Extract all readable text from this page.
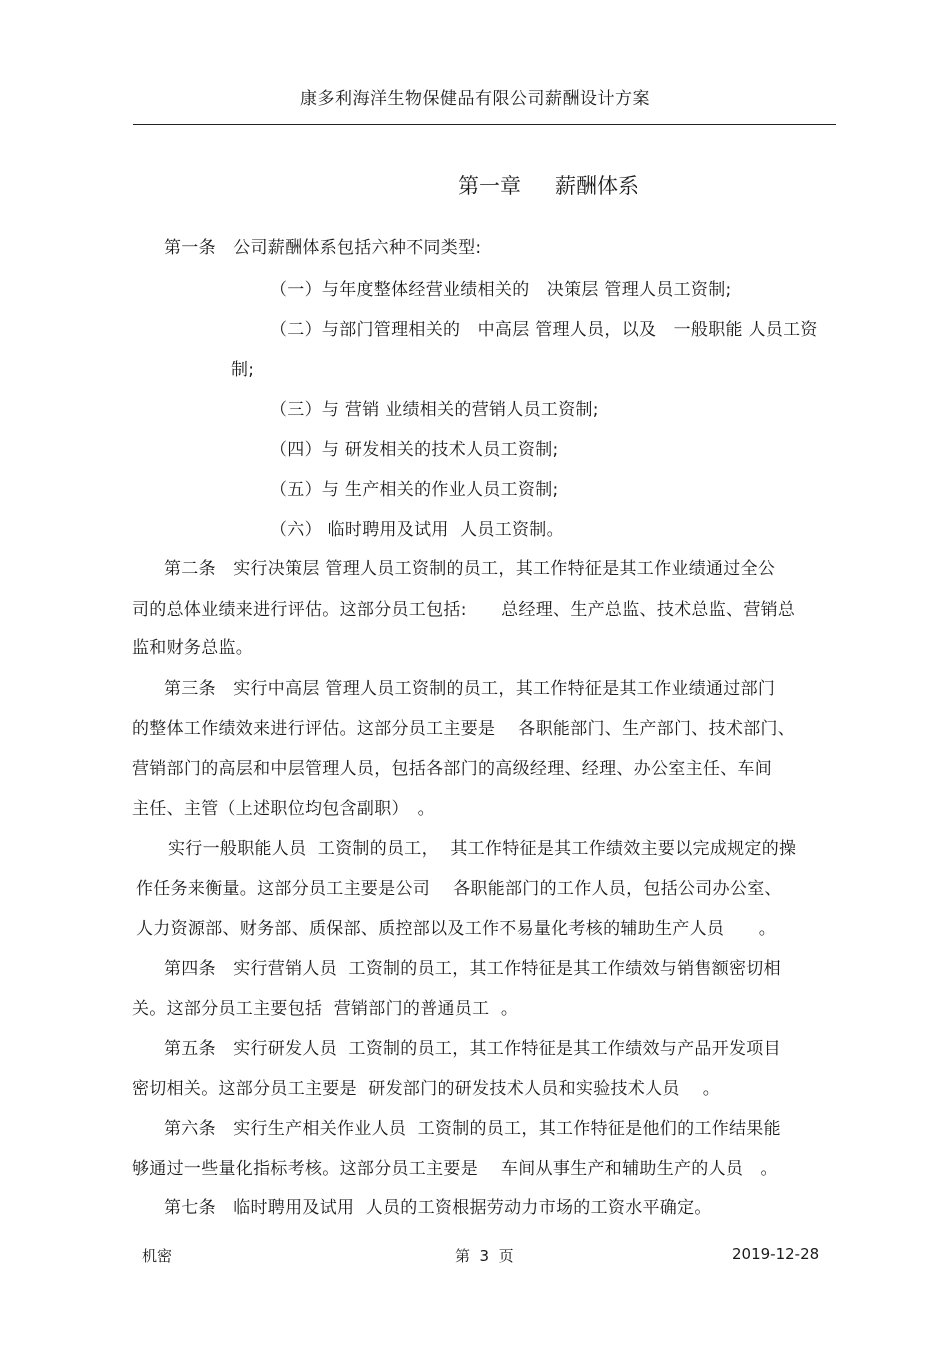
康多利海洋生物保健品有限公司薪酬设计方案
第一章 薪酬体系
第一条　公司薪酬体系包括六种不同类型:
（一）与年度整体经营业绩相关的　决策层 管理人员工资制;
（二）与部门管理相关的　中高层 管理人员，以及　一般职能 人员工资
制;
（三）与 营销 业绩相关的营销人员工资制;
（四）与 研发相关的技术人员工资制;
（五）与 生产相关的作业人员工资制;
（六） 临时聘用及试用  人员工资制。
第二条　实行决策层 管理人员工资制的员工，其工作特征是其工作业绩通过全公
司的总体业绩来进行评估。这部分员工包括:　   总经理、生产总监、技术总监、营销总
监和财务总监。
第三条　实行中高层 管理人员工资制的员工，其工作特征是其工作业绩通过部门
的整体工作绩效来进行评估。这部分员工主要是　 各职能部门、生产部门、技术部门、
营销部门的高层和中层管理人员，包括各部门的高级经理、经理、办公室主任、车间
主任、主管（上述职位均包含副职）　。
实行一般职能人员  工资制的员工，  其工作特征是其工作绩效主要以完成规定的操
作任务来衡量。这部分员工主要是公司　 各职能部门的工作人员，包括公司办公室、
人力资源部、财务部、质保部、质控部以及工作不易量化考核的辅助生产人员　　。
第四条　实行营销人员  工资制的员工，其工作特征是其工作绩效与销售额密切相
关。这部分员工主要包括  营销部门的普通员工  。
第五条　实行研发人员  工资制的员工，其工作特征是其工作绩效与产品开发项目
密切相关。这部分员工主要是  研发部门的研发技术人员和实验技术人员　 。
第六条　实行生产相关作业人员  工资制的员工，其工作特征是他们的工作结果能
够通过一些量化指标考核。这部分员工主要是　 车间从事生产和辅助生产的人员　。
第七条　临时聘用及试用  人员的工资根据劳动力市场的工资水平确定。
机密	第  3  页	2019-12-28
